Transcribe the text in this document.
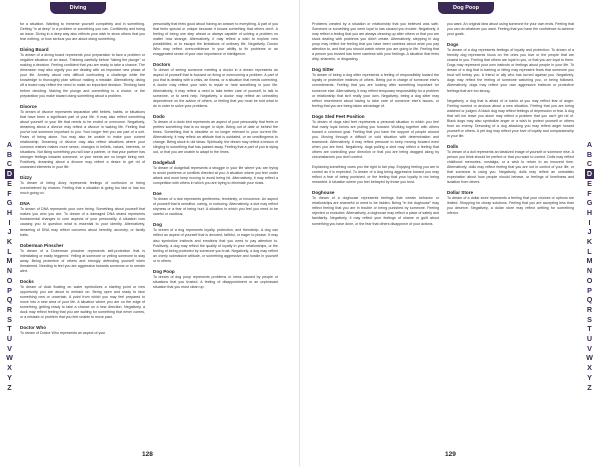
Diving

for a situation. Wanting to immerse yourself completely and in something. Getting "in at deep" in a problem or something you can. Confidently and being an issue. Diving in a deep way also reflects your wish to show others that you fear nothing, or how serious you are about doing something.

Diving Board

To dream of a diving board represents your preparation to face a problem or negative situation of an issue. Thinking carefully before "taking the plunge" or making a decision. Feeling confident that you are ready to take a chance. The dimension may also signify you are dealing with an important new phase of your life. Anxiety about new difficult confronting a challenge while the knowledge to thoroughly plan without making a mistake. Alternatively, diving off a board may reflect the need to make an important decision. Thinking hard before deciding. Making the plunge and committing to a choice, or the preparation you make toward doing something about a problem.

Divorce

To dream of divorce represents separation with beliefs, habits, or situations that have been a significant part of your life. It may also reflect something about yourself or your life that needs to be ended or overcome. Negatively, dreaming about a divorce may reflect a divorce in waking life. Feeling that you've lost someone important to you. Your longer feel you are part of a unit. Fears of being alone. You may also be unable to make your current relationship. Dreaming of divorce may also reflect situations where your common wishes makes more sense, changes in beliefs, values, interests, or situations. Not liking something you will lose a partner, or that your partner has stronger feelings towards someone, or your needs are no longer being met. Positively, dreaming about a divorce may reflect a desire to get rid of unwanted elements in your life.

Dizzy

To dream of being dizzy represents feelings of confusion or being overwhelmed by choices. Feeling that a situation is going too fast or has too much going on.

DNA

To dream of DNA represents your core being. Something about yourself that makes you who you are. To dream of a damaged DNA strand represents fundamental changes to core aspects of your personality. A situation now causing you to question what is essential to your identity. Alternatively, dreaming of DNA may reflect concerns about heredity, ancestry, or family traits.

Doberman Pinscher

To dream of a Doberman pinscher represents self-protection that is intimidating or easily triggered. Yelling at someone or yelling someone to stay away. Being protective of others and strongly defending yourself when threatened. Needing to feel you are aggressive towards someone or to remain alert.

Docks

To dream of dock floating on water symbolizes a starting point or new opportunity you are about to embark on. Being open and ready to face something new or uncertain. A point from which you may feel prepared to move into a new area of your life. A situation where you are on the edge of something, getting ready to take a chance on a new direction. Negatively, a dock may reflect feeling that you are waiting for something that never comes, or a mistake or problem that you feel unable to move past.

Doctor Who

To dream of Doctor Who represents an aspect of your

personality that feels good about having an answer to everything. A part of you that feels special or unique because it knows something that others don't. A feeling of being one step ahead or always capable of solving a problem no matter how strange. Alternatively, it may reflect a wish to explore new possibilities, or to escape the limitations of ordinary life. Negatively, Doctor Who may reflect overconfidence in your ability to fix problems or an exaggerated sense of your own importance or intelligence.

Doctors

To dream of seeing someone meeting a doctor in a dream represents an aspect of yourself that is focused on fixing or overcoming a problem. A part of you that is dealing with a crisis, an illness, or a situation that needs correcting. A doctor may reflect your wish to repair or heal something in your life. Alternatively, it may reflect a need to take better care of yourself, to talk to someone, or to seek help. Negatively, a doctor may reflect an unhealthy dependence on the advice of others, or feeling that you must be told what to do in order to solve your problems.

Dodo

To dream of a dodo bird represents an aspect of your personality that feels or prefers something that is no longer in style. Being out of date or behind the times. Something that is obsolete or no longer relevant to your current life. Alternatively, it may reflect an attitude that is outdated, or an unwillingness to change. Being stuck in old ideas. Spiritually, the dream may reflect a lesson of clinging to something that has passed away. Feeling that a part of you is dying out, or that you are unable to adapt to the times.

Dodgeball

To dream of dodgeball represents a struggle in your life where you are trying to avoid problems or conflicts directed at you. A situation where you feel under attack and must keep moving to avoid being hit. Alternatively, it may reflect a competition with others in which you are trying to eliminate your rivals.

Doe

To dream of a doe represents gentleness, femininity, or innocence. An aspect of yourself that is sensitive, caring, or nurturing. Alternatively, a doe may reflect shyness or a fear of being hurt. A situation in which you feel you need to be careful or cautious.

Dog

To dream of a dog represents loyalty, protection, and friendship. A dog can reflect an aspect of yourself that is devoted, faithful, or eager to please. It may also symbolize instincts and emotions that you need to pay attention to. Positively, a dog may reflect the quality of loyalty in your relationships, or the feeling of being protected by someone you trust. Negatively, a dog may reflect an overly submissive attitude, or something aggressive and hostile in yourself or in others.

Dog Poop

To dream of dog poop represents problems or mess caused by people or situations that you trusted. A feeling of disappointment or an unpleasant situation that you must clean up.

A
B
C
D
E
F
G
H
I
J
K
L
M
N
O
P
Q
R
S
T
U
V
W
X
Y
Z
128
Dog Poop

Problems created by a situation or relationship that you believed was safe. Someone or something you were loyal to has caused you trouble. Negatively, it may reflect a feeling that you are always cleaning up after others or that you are stuck dealing with problems you didn't create. Alternatively, stepping in dog poop may reflect the feeling that you have been careless about what you pay attention to, and that you should watch where you are going in life. Feeling that a person you trusted has been careless with your feelings. A situation that feels dirty, shameful, or disgusting.

Dog Sitter

To dream of being a dog sitter represents a feeling of responsibility toward the loyalty or protective instincts of others. Being put in charge of someone else's commitments. Feeling that you are looking after something important for someone else. Alternatively, it may reflect temporary responsibility for a problem or relationship that isn't really your own. Negatively, being a dog sitter may reflect resentment about having to take care of someone else's issues, or feeling that you are being taken advantage of.

Dogs Sled Feet Position

To dream of dogs sled feet represents a personal situation in which you feel that many loyal forces are pulling you forward. Working together with others toward a common goal. Feeling that you have the support of people around you. Moving through a difficult or cold situation with determination and teamwork. Alternatively, it may reflect pressure to keep moving forward even when you are tired. Negatively, dogs pulling a sled may reflect a feeling that others are controlling your direction or that you are being dragged along by circumstances you don't control.

Explaining something owes you the right to fair play. Enjoying feeling you are in control as it is expected. To dream of a dog being aggressive toward you may reflect a fear of being punished, or the feeling that your loyalty is not being rewarded. A situation where you feel betrayed by those you trust.

Doghouse

To dream of a doghouse represents feelings that certain behavior or relationships are shameful or need to be hidden. Being "in the doghouse" may reflect feeling that you are in trouble or being punished by someone. Feeling rejected or excluded. Alternatively, a doghouse may reflect a place of safety and familiarity. Negatively, it may reflect your feelings of shame or guilt about something you have done, or the fear that others disapprove of your actions.

you want. An original idea about using someone for your own ends. Feeling that you can do whatever you want. Feeling that you have the confidence to achieve your goals.

Dogs

To dream of a dog represents feelings of loyalty and protection. To dream of a friendly dog represents focus on the ones you love or the people that are closest to you. Feeling that others are loyal to you, or that you are loyal to them. Dogs may represent your own instincts or feelings about people in your life. To dream of a dog that is barking or biting may represent fears that someone you trust will betray you. A friend or ally who has turned against you. Negatively, dogs may reflect the feeling of someone watching you, or being followed. Alternatively, dogs may reflect your own aggressive instincts or protective feelings that are too strong.

Negatively, a dog that is afraid of or barks at you may reflect fear of anger. Feeling worried or anxious about a new situation. Feeling that you are being watched or judged. A black dog may reflect feelings of depression or fear. A dog that will not leave you alone may reflect a problem that you can't get rid of. Black dogs may also symbolize anger or a wish to protect yourself or others from an enemy. Dreaming of a dog attacking you may reflect anger toward yourself or others. A pet dog may reflect your love of loyalty and companionship in your life.

Dolls

To dream of a doll represents an idealized image of yourself or someone else. A person you think should be perfect or that you want to control. Dolls may reflect childhood memories, nostalgia, or a wish to return to an innocent time. Alternatively, dolls may reflect feeling that you are not in control of your life, or that someone is using you. Negatively, dolls may reflect an unrealistic expectation about how people should behave, or feelings of loneliness and isolation from others.

Dollar Store

To dream of a dollar store represents a feeling that your choices or options are limited. Shopping for cheap solutions. Feeling that you are accepting less than you deserve. Negatively, a dollar store may reflect settling for something inferior.

A
B
C
D
E
F
G
H
I
J
K
L
M
N
O
P
Q
R
S
T
U
V
W
X
Y
Z
129
